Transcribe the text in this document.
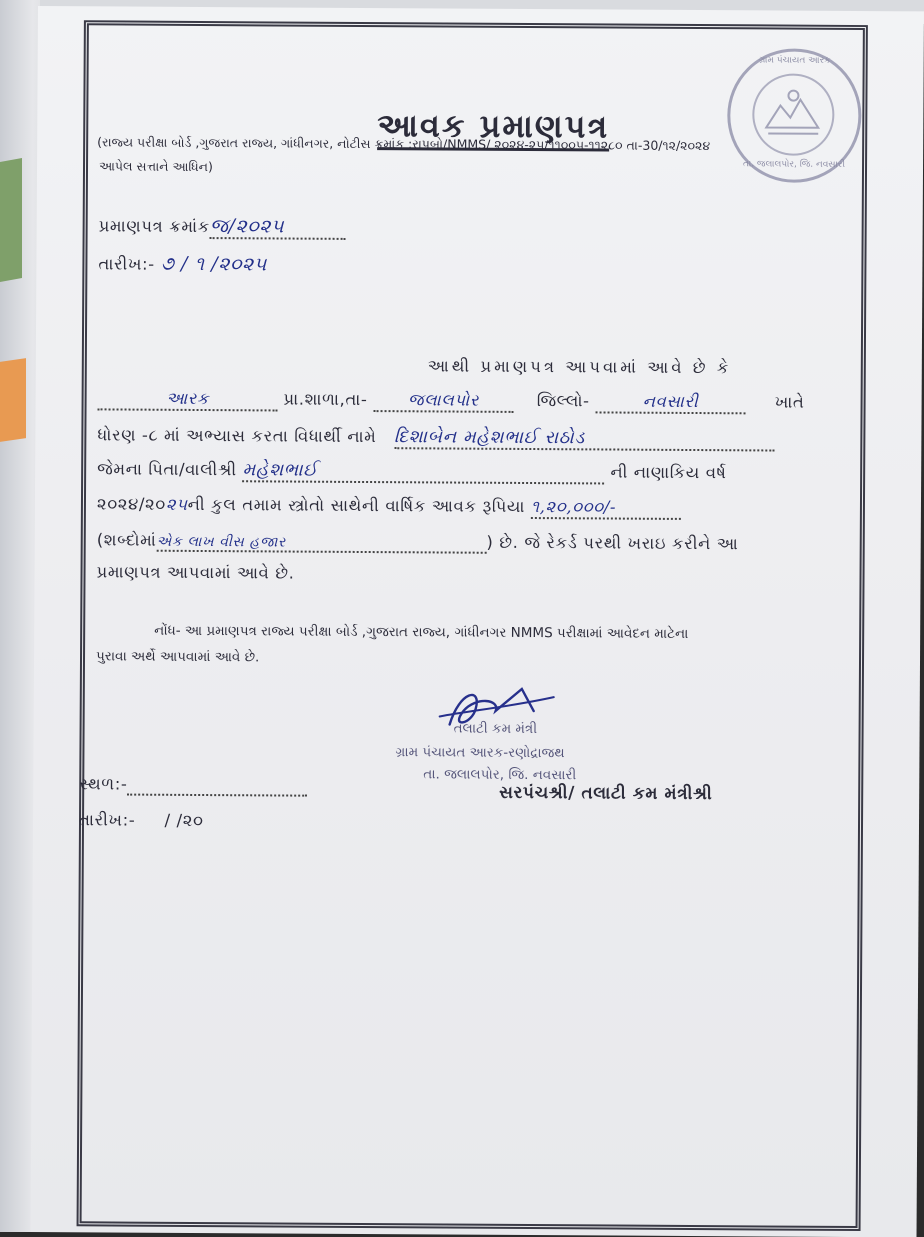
ગ્રામ પંચાયત આરક
તા. જલાલપોર, જિ. નવસારી
આવક પ્રમાણપત્ર
(રાજ્ય પરીક્ષા બોર્ડ ,ગુજરાત રાજ્ય, ગાંધીનગર, નોટીસ ક્રમાંક :રાપબો/NMMS/ ૨૦૨૪-૨૫/૧૧૦૦૫-૧૧૨૮૦ તા-30/૧૨/૨૦૨૪
આપેલ સત્તાને આધિન)
પ્રમાણપત્ર ક્રમાંકજ/૨૦૨૫
તારીખ:- ૭ / ૧ /૨૦૨૫
આથી પ્રમાણપત્ર આપવામાં આવે છે કે
આરક	પ્રા.શાળા,તા- જલાલપોર	જિલ્લો-	નવસારી	ખાતે
ધોરણ -૮ માં અભ્યાસ કરતા વિધાર્થી નામે દિશાબેન મહેશભાઈ રાઠોડ
જેમના પિતા/વાલીશ્રી મહેશભાઈ	ની નાણાકિય વર્ષ
૨૦૨૪/૨૦૨૫ની કુલ તમામ સ્ત્રોતો સાથેની વાર્ષિક આવક રૂપિયા ૧,૨૦,૦૦૦/-
(શબ્દોમાંએક લાખ વીસ હજાર	) છે. જે રેકર્ડ પરથી ખરાઇ કરીને આ
પ્રમાણપત્ર આપવામાં આવે છે.
નોંધ- આ પ્રમાણપત્ર રાજ્ય પરીક્ષા બોર્ડ ,ગુજરાત રાજ્ય, ગાંધીનગર NMMS પરીક્ષામાં આવેદન માટેના
પુરાવા અર્થે આપવામાં આવે છે.
તલાટી કમ મંત્રી
ગ્રામ પંચાયત આરક-રણોદ્રાજથ
તા. જલાલપોર, જિ. નવસારી
સરપંચશ્રી/ તલાટી કમ મંત્રીશ્રી
સ્થળ:-
તારીખ:- / /૨૦
